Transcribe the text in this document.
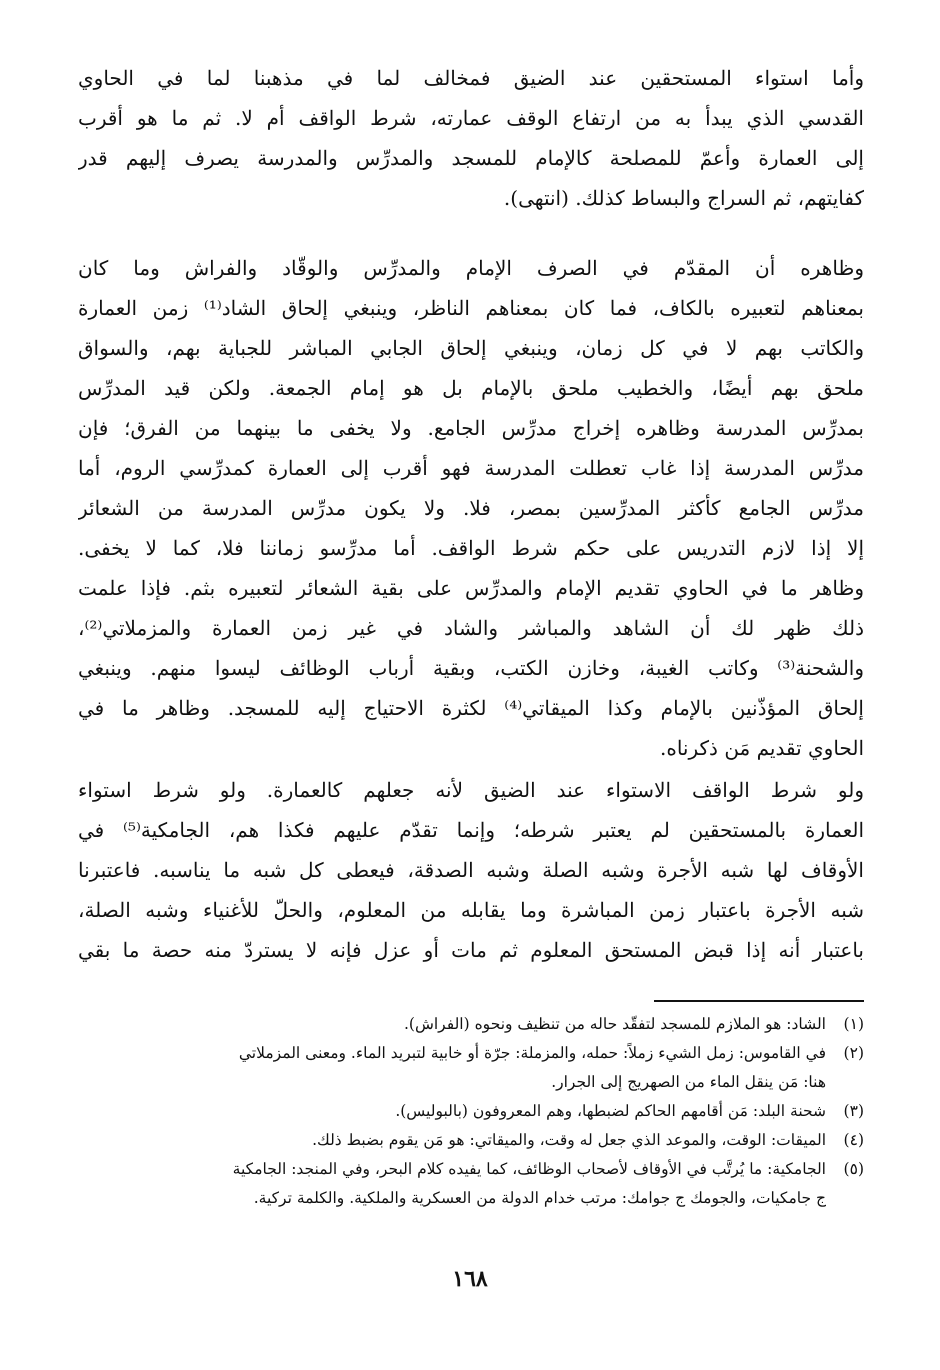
وأما استواء المستحقين عند الضيق فمخالف لما في مذهبنا لما في الحاوي
القدسي الذي يبدأ به من ارتفاع الوقف عمارته، شرط الواقف أم لا. ثم ما هو أقرب
إلى العمارة وأعمّ للمصلحة كالإمام للمسجد والمدرِّس والمدرسة يصرف إليهم قدر
كفايتهم، ثم السراج والبساط كذلك. (انتهى).
وظاهره أن المقدّم في الصرف الإمام والمدرِّس والوقّاد والفراش وما كان
بمعناهم لتعبيره بالكاف، فما كان بمعناهم الناظر، وينبغي إلحاق الشاد⁽¹⁾ زمن العمارة
والكاتب بهم لا في كل زمان، وينبغي إلحاق الجابي المباشر للجباية بهم، والسواق
ملحق بهم أيضًا، والخطيب ملحق بالإمام بل هو إمام الجمعة. ولكن قيد المدرِّس
بمدرِّس المدرسة وظاهره إخراج مدرِّس الجامع. ولا يخفى ما بينهما من الفرق؛ فإن
مدرِّس المدرسة إذا غاب تعطلت المدرسة فهو أقرب إلى العمارة كمدرِّسي الروم، أما
مدرِّس الجامع كأكثر المدرِّسين بمصر، فلا. ولا يكون مدرِّس المدرسة من الشعائر
إلا إذا لازم التدريس على حكم شرط الواقف. أما مدرِّسو زماننا فلا، كما لا يخفى.
وظاهر ما في الحاوي تقديم الإمام والمدرِّس على بقية الشعائر لتعبيره بثم. فإذا علمت
ذلك ظهر لك أن الشاهد والمباشر والشاد في غير زمن العمارة والمزملاتي⁽²⁾،
والشحنة⁽³⁾ وكاتب الغيبة، وخازن الكتب، وبقية أرباب الوظائف ليسوا منهم. وينبغي
إلحاق المؤذّنين بالإمام وكذا الميقاتي⁽⁴⁾ لكثرة الاحتياج إليه للمسجد. وظاهر ما في
الحاوي تقديم مَن ذكرناه.
ولو شرط الواقف الاستواء عند الضيق لأنه جعلهم كالعمارة. ولو شرط استواء
العمارة بالمستحقين لم يعتبر شرطه؛ وإنما تقدّم عليهم فكذا هم، الجامكية⁽⁵⁾ في
الأوقاف لها شبه الأجرة وشبه الصلة وشبه الصدقة، فيعطى كل شبه ما يناسبه. فاعتبرنا
شبه الأجرة باعتبار زمن المباشرة وما يقابله من المعلوم، والحلّ للأغنياء وشبه الصلة،
باعتبار أنه إذا قبض المستحق المعلوم ثم مات أو عزل فإنه لا يستردّ منه حصة ما بقي
(١)
الشاد: هو الملازم للمسجد لتفقّد حاله من تنظيف ونحوه (الفراش).
(٢)
في القاموس: زمل الشيء زملاً: حمله، والمزملة: جرّة أو خابية لتبريد الماء. ومعنى المزملاتي
هنا: مَن ينقل الماء من الصهريج إلى الجرار.
(٣)
شحنة البلد: مَن أقامهم الحاكم لضبطها، وهم المعروفون (بالبوليس).
(٤)
الميقات: الوقت، والموعد الذي جعل له وقت، والميقاتي: هو مَن يقوم بضبط ذلك.
(٥)
الجامكية: ما يُرتَّب في الأوقاف لأصحاب الوظائف، كما يفيده كلام البحر، وفي المنجد: الجامكية
ج جامكيات، والجومك ج جوامك: مرتب خدام الدولة من العسكرية والملكية. والكلمة تركية.
١٦٨
